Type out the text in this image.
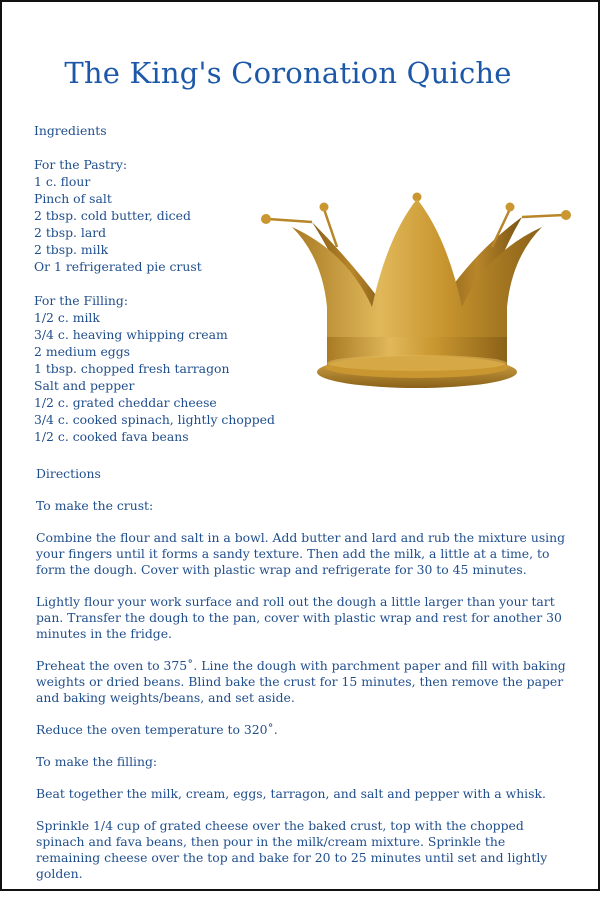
The King's Coronation Quiche
Ingredients
For the Pastry:
1 c. flour
Pinch of salt
2 tbsp. cold butter, diced
2 tbsp. lard
2 tbsp. milk
Or 1 refrigerated pie crust
For the Filling:
1/2 c. milk
3/4 c. heaving whipping cream
2 medium eggs
1 tbsp. chopped fresh tarragon
Salt and pepper
1/2 c. grated cheddar cheese
3/4 c. cooked spinach, lightly chopped
1/2 c. cooked fava beans
Directions
To make the crust:

Combine the flour and salt in a bowl. Add butter and lard and rub the mixture using your fingers until it forms a sandy texture. Then add the milk, a little at a time, to form the dough. Cover with plastic wrap and refrigerate for 30 to 45 minutes.

Lightly flour your work surface and roll out the dough a little larger than your tart pan. Transfer the dough to the pan, cover with plastic wrap and rest for another 30 minutes in the fridge.

Preheat the oven to 375˚. Line the dough with parchment paper and fill with baking weights or dried beans. Blind bake the crust for 15 minutes, then remove the paper and baking weights/beans, and set aside.

Reduce the oven temperature to 320˚.

To make the filling:

Beat together the milk, cream, eggs, tarragon, and salt and pepper with a whisk.

Sprinkle 1/4 cup of grated cheese over the baked crust, top with the chopped spinach and fava beans, then pour in the milk/cream mixture. Sprinkle the remaining cheese over the top and bake for 20 to 25 minutes until set and lightly golden.
